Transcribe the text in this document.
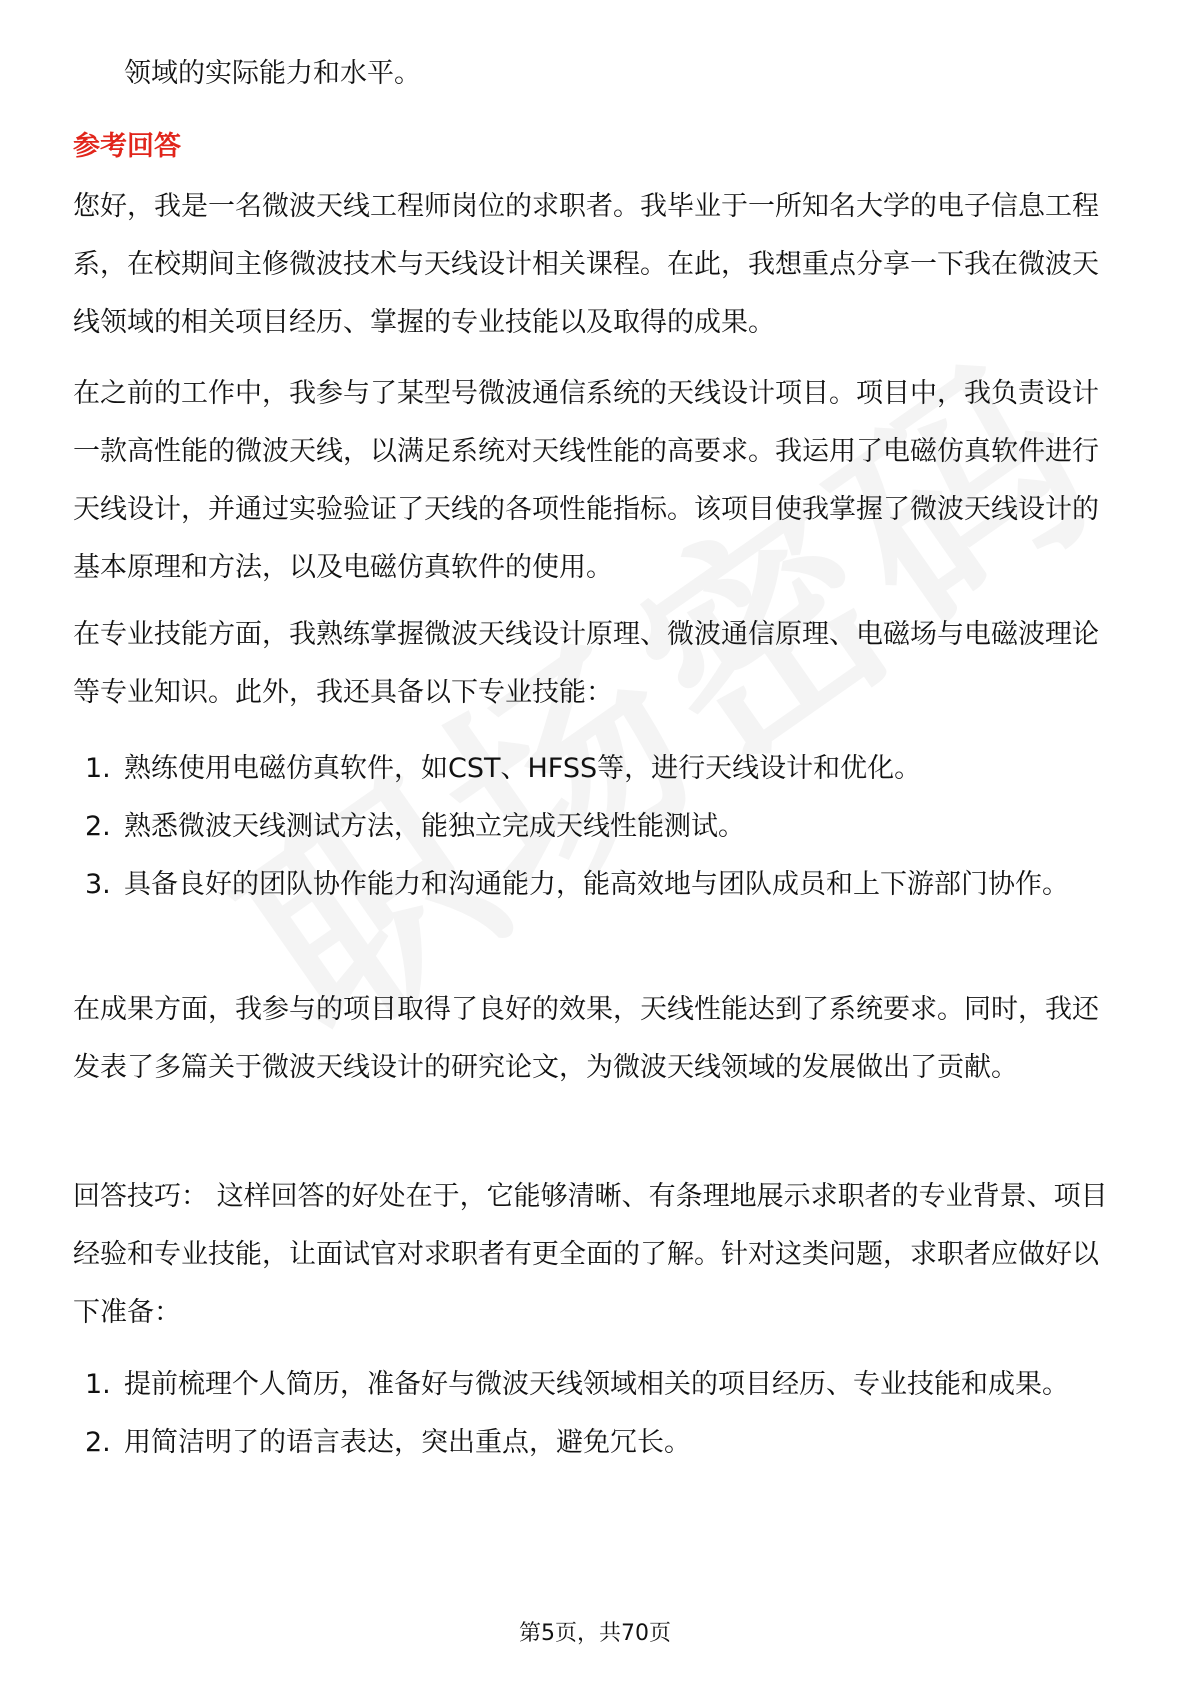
领域的实际能力和水平。

参考回答

您好，我是一名微波天线工程师岗位的求职者。我毕业于一所知名大学的电子信息工程系，在校期间主修微波技术与天线设计相关课程。在此，我想重点分享一下我在微波天线领域的相关项目经历、掌握的专业技能以及取得的成果。

在之前的工作中，我参与了某型号微波通信系统的天线设计项目。项目中，我负责设计一款高性能的微波天线，以满足系统对天线性能的高要求。我运用了电磁仿真软件进行天线设计，并通过实验验证了天线的各项性能指标。该项目使我掌握了微波天线设计的基本原理和方法，以及电磁仿真软件的使用。

在专业技能方面，我熟练掌握微波天线设计原理、微波通信原理、电磁场与电磁波理论等专业知识。此外，我还具备以下专业技能：

1. 熟练使用电磁仿真软件，如CST、HFSS等，进行天线设计和优化。
2. 熟悉微波天线测试方法，能独立完成天线性能测试。
3. 具备良好的团队协作能力和沟通能力，能高效地与团队成员和上下游部门协作。

在成果方面，我参与的项目取得了良好的效果，天线性能达到了系统要求。同时，我还发表了多篇关于微波天线设计的研究论文，为微波天线领域的发展做出了贡献。

回答技巧： 这样回答的好处在于，它能够清晰、有条理地展示求职者的专业背景、项目经验和专业技能，让面试官对求职者有更全面的了解。针对这类问题，求职者应做好以下准备：

1. 提前梳理个人简历，准备好与微波天线领域相关的项目经历、专业技能和成果。
2. 用简洁明了的语言表达，突出重点，避免冗长。
第5页，共70页
